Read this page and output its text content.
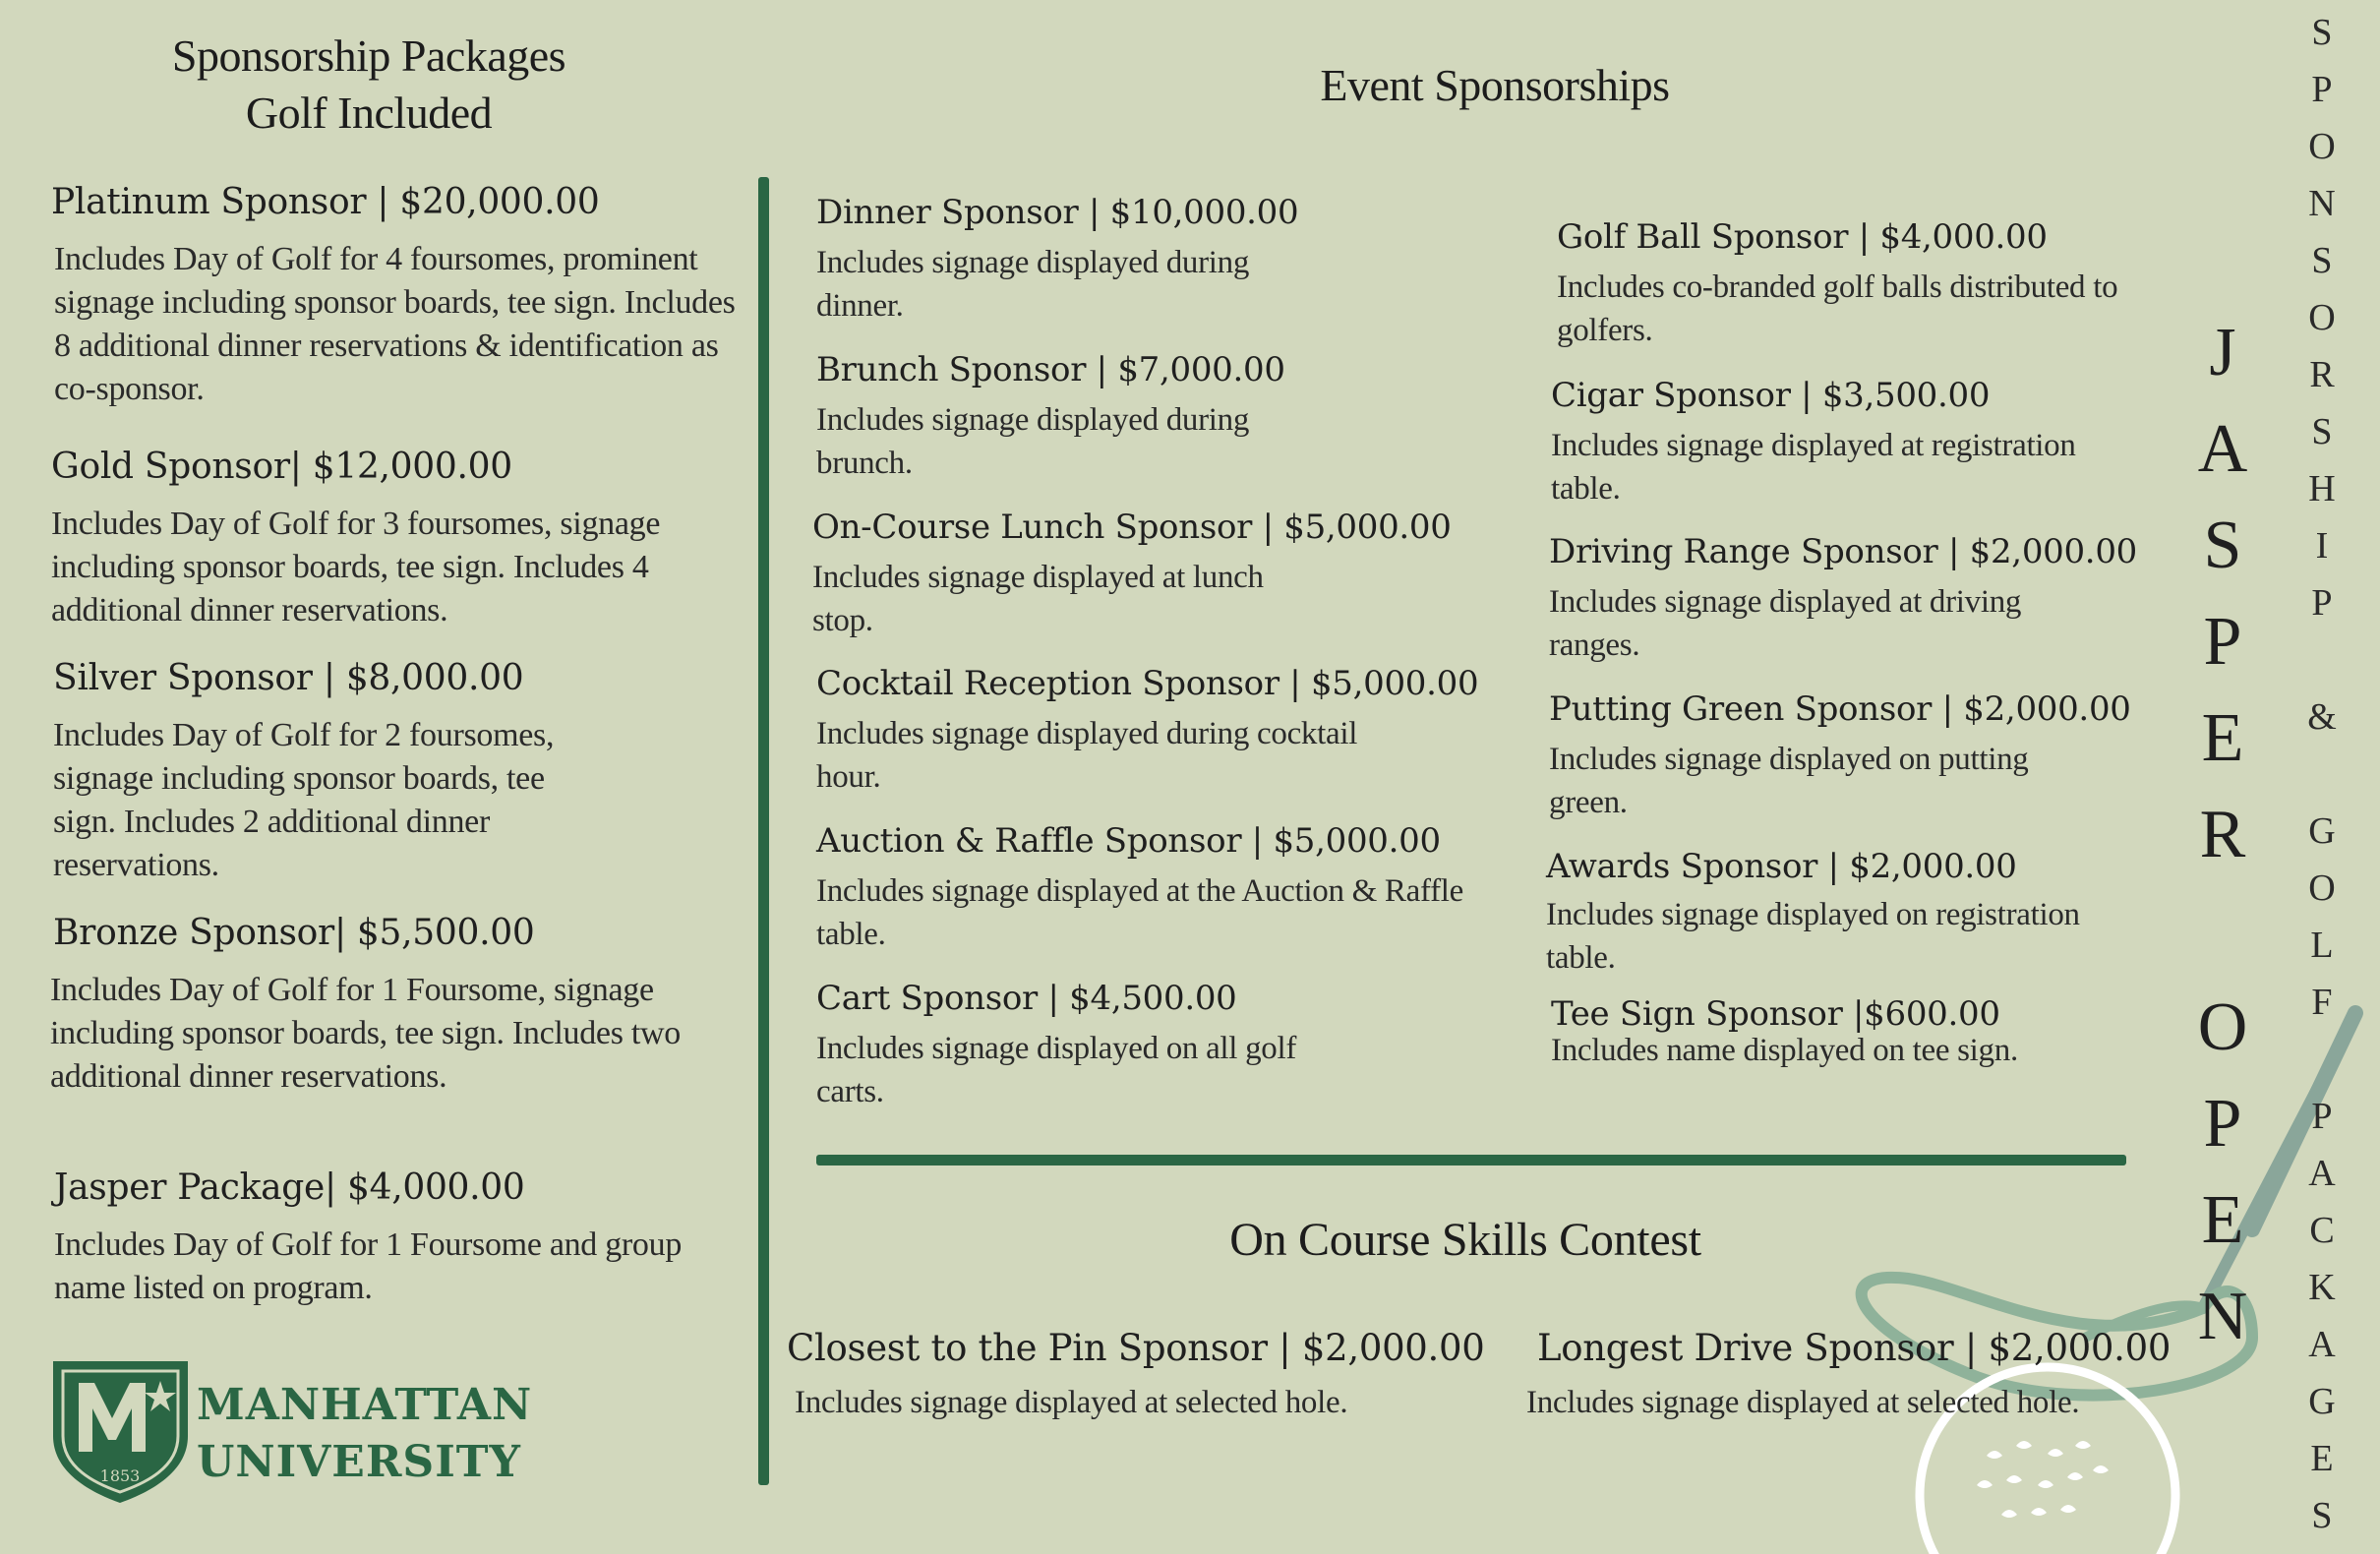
Sponsorship Packages
Golf Included
Platinum Sponsor | $20,000.00
Includes Day of Golf for 4 foursomes, prominent signage including sponsor boards, tee sign. Includes 8 additional dinner reservations & identification as co-sponsor.
Gold Sponsor| $12,000.00
Includes Day of Golf for 3 foursomes, signage including sponsor boards, tee sign. Includes 4 additional dinner reservations.
Silver Sponsor | $8,000.00
Includes Day of Golf for 2 foursomes, signage including sponsor boards, tee sign. Includes 2 additional dinner reservations.
Bronze Sponsor| $5,500.00
Includes Day of Golf for 1 Foursome, signage including sponsor boards, tee sign. Includes two additional dinner reservations.
Jasper Package| $4,000.00
Includes Day of Golf for 1 Foursome and group name listed on program.
1853
MANHATTAN
UNIVERSITY
Event Sponsorships
Dinner Sponsor | $10,000.00
Includes signage displayed during dinner.
Brunch Sponsor | $7,000.00
Includes signage displayed during brunch.
On-Course Lunch Sponsor | $5,000.00
Includes signage displayed at lunch stop.
Cocktail Reception Sponsor | $5,000.00
Includes signage displayed during cocktail hour.
Auction & Raffle Sponsor | $5,000.00
Includes signage displayed at the Auction & Raffle table.
Cart Sponsor | $4,500.00
Includes signage displayed on all golf carts.
Golf Ball Sponsor | $4,000.00
Includes co-branded golf balls distributed to golfers.
Cigar Sponsor | $3,500.00
Includes signage displayed at registration table.
Driving Range Sponsor | $2,000.00
Includes signage displayed at driving ranges.
Putting Green Sponsor | $2,000.00
Includes signage displayed on putting green.
Awards Sponsor | $2,000.00
Includes signage displayed on registration table.
Tee Sign Sponsor |$600.00
Includes name displayed on tee sign.
On Course Skills Contest
Closest to the Pin Sponsor | $2,000.00
Includes signage displayed at selected hole.
Longest Drive Sponsor | $2,000.00
Includes signage displayed at selected hole.
J
A
S
P
E
R
O
P
E
N
S
P
O
N
S
O
R
S
H
I
P
&
G
O
L
F
P
A
C
K
A
G
E
S
